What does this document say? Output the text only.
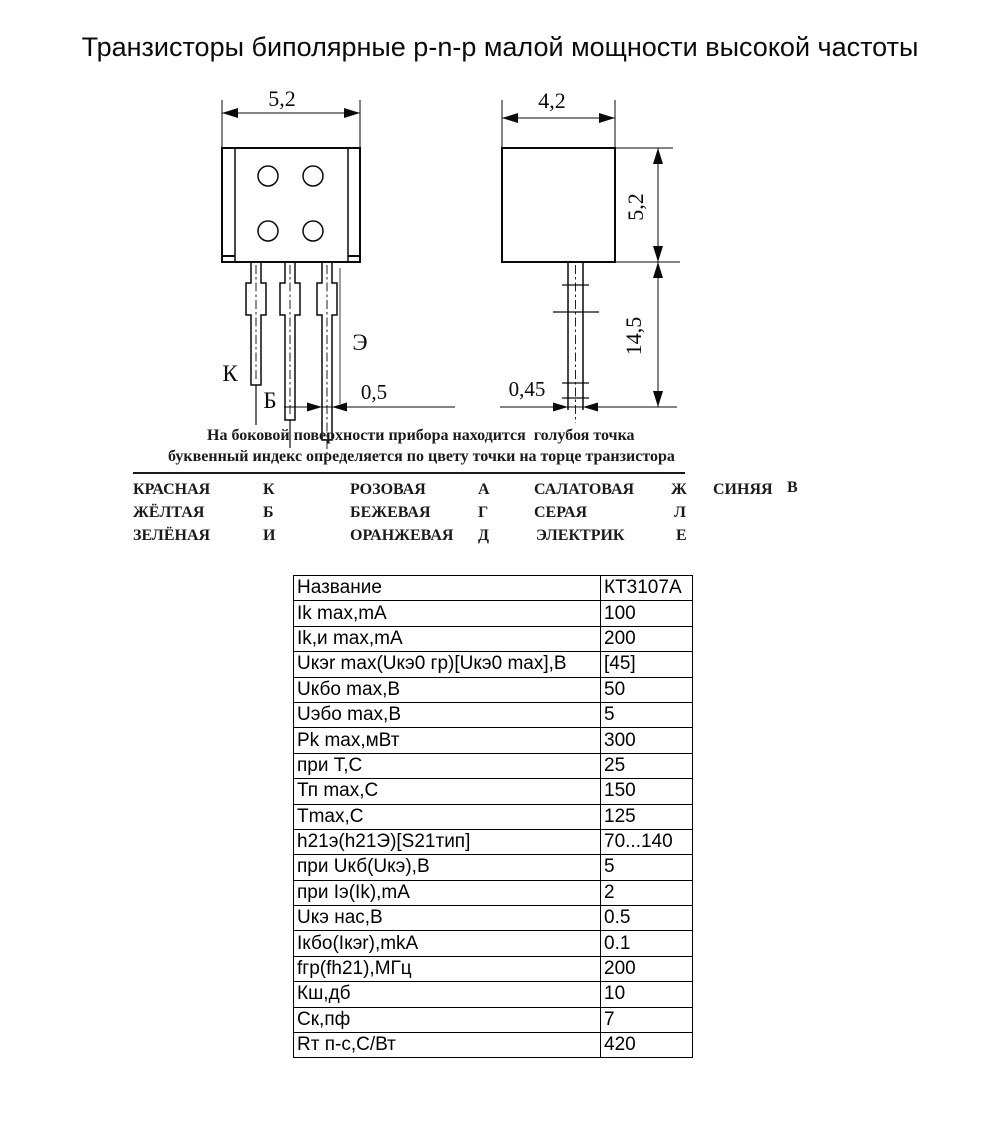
Транзисторы биполярные p-n-p малой мощности высокой частоты
5,2
0,5
К
Б
Э
4,2
5,2
14,5
0,45
На боковой поверхности прибора находится  голубоя точка
буквенный индекс определяется по цвету точки на торце транзистора
КРАСНАЯ	К	РОЗОВАЯ	А	САЛАТОВАЯ Ж СИНЯЯ В
ЖЁЛТАЯ	Б	БЕЖЕВАЯ	Г	СЕРАЯ	Л
ЗЕЛЁНАЯ	И	ОРАНЖЕВАЯ Д	ЭЛЕКТРИК	Е
Название	КТ3107А
Ik max,mA	100
Ik,и max,mA	200
Uкэr max(Uкэ0 гр)[Uкэ0 max],В	[45]
Uкбо max,В	50
Uэбо max,В	5
Pk max,мВт	300
при Т,С	25
Тп max,С	150
Tmax,С	125
h21э(h21Э)[S21тип]	70...140
при Uкб(Uкэ),В	5
при Iэ(Ik),mA	2
Uкэ нас,В	0.5
Iкбо(Iкэr),mkA	0.1
fгр(fh21),МГц	200
Кш,дб	10
Ск,пф	7
Rт п-с,С/Вт	420
